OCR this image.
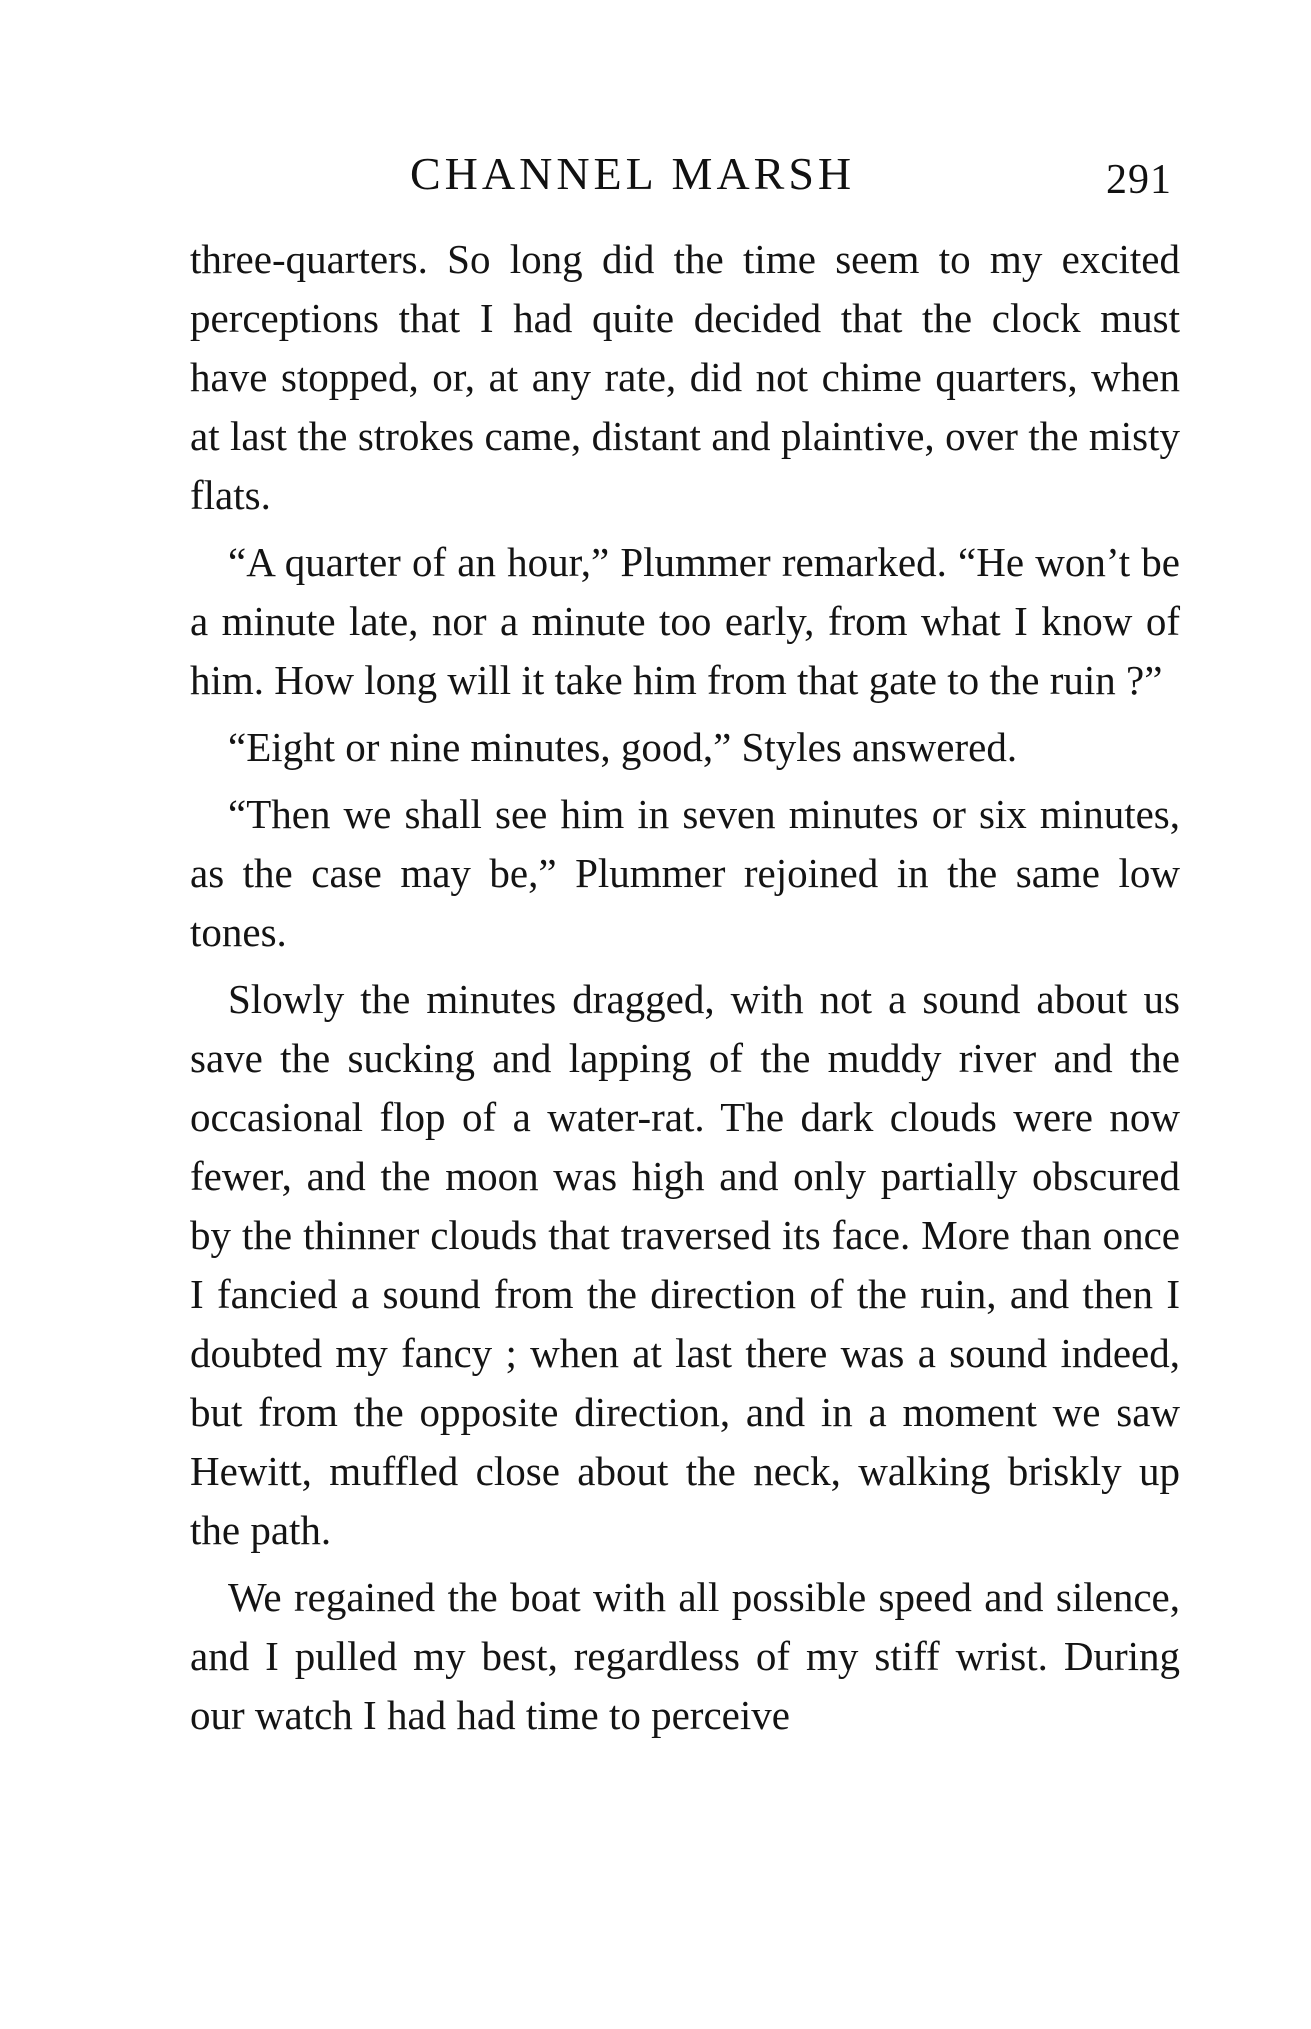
CHANNEL MARSH	291

three-quarters. So long did the time seem to my excited perceptions that I had quite decided that the clock must have stopped, or, at any rate, did not chime quarters, when at last the strokes came, distant and plaintive, over the misty flats.

“A quarter of an hour,” Plummer remarked. “He won’t be a minute late, nor a minute too early, from what I know of him. How long will it take him from that gate to the ruin ?”

“Eight or nine minutes, good,” Styles answered.

“Then we shall see him in seven minutes or six minutes, as the case may be,” Plummer rejoined in the same low tones.

Slowly the minutes dragged, with not a sound about us save the sucking and lapping of the muddy river and the occasional flop of a water-rat. The dark clouds were now fewer, and the moon was high and only partially obscured by the thinner clouds that traversed its face. More than once I fancied a sound from the direction of the ruin, and then I doubted my fancy ; when at last there was a sound indeed, but from the opposite direction, and in a moment we saw Hewitt, muffled close about the neck, walking briskly up the path.

We regained the boat with all possible speed and silence, and I pulled my best, regardless of my stiff wrist. During our watch I had had time to perceive
